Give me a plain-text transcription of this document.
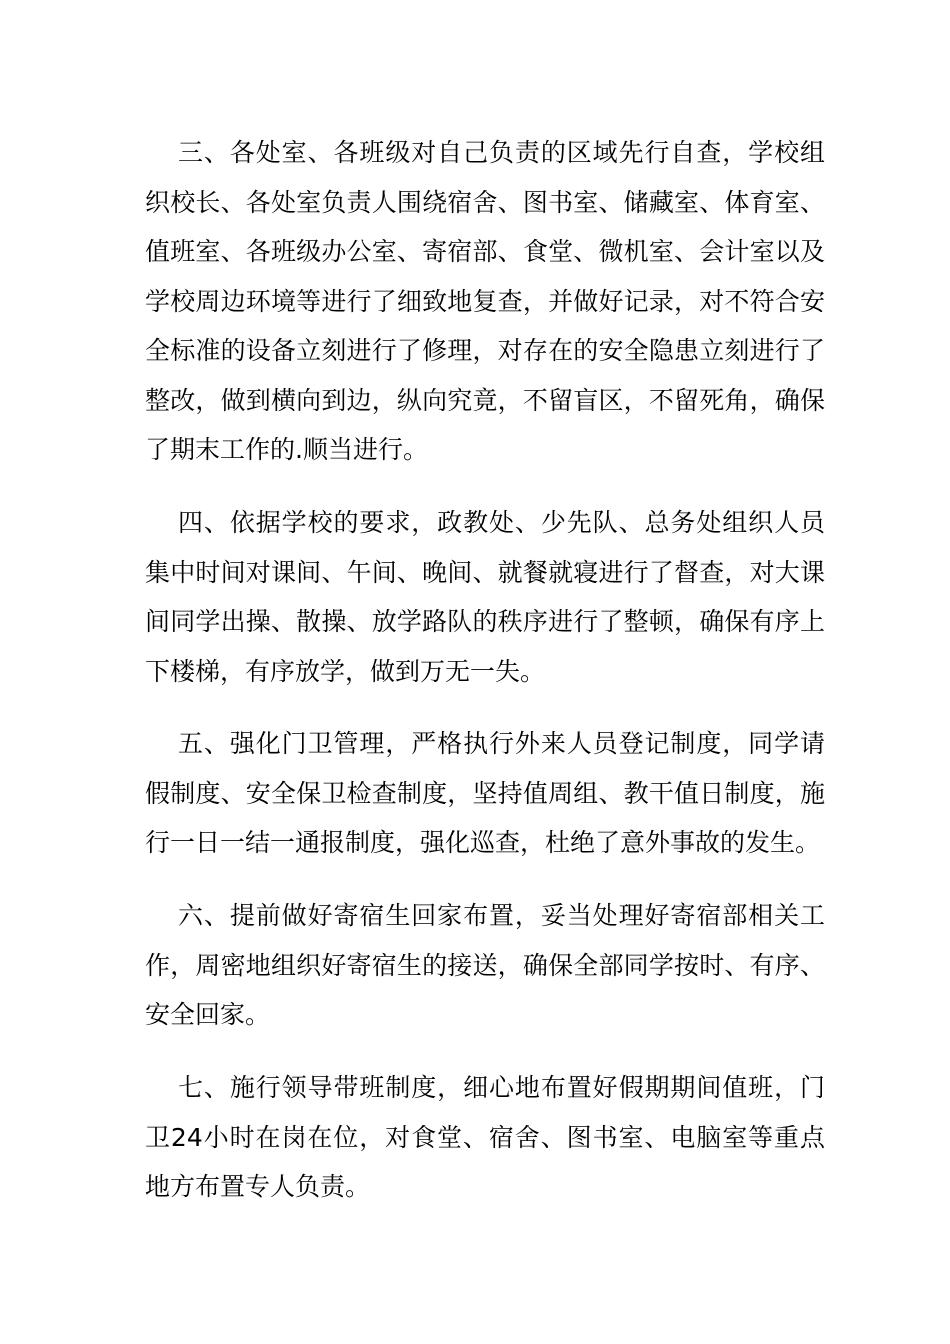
三、各处室、各班级对自己负责的区域先行自查，学校组织校长、各处室负责人围绕宿舍、图书室、储藏室、体育室、值班室、各班级办公室、寄宿部、食堂、微机室、会计室以及学校周边环境等进行了细致地复查，并做好记录，对不符合安全标准的设备立刻进行了修理，对存在的安全隐患立刻进行了整改，做到横向到边，纵向究竟，不留盲区，不留死角，确保了期末工作的.顺当进行。

四、依据学校的要求，政教处、少先队、总务处组织人员集中时间对课间、午间、晚间、就餐就寝进行了督查，对大课间同学出操、散操、放学路队的秩序进行了整顿，确保有序上下楼梯，有序放学，做到万无一失。

五、强化门卫管理，严格执行外来人员登记制度，同学请假制度、安全保卫检查制度，坚持值周组、教干值日制度，施行一日一结一通报制度，强化巡查，杜绝了意外事故的发生。

六、提前做好寄宿生回家布置，妥当处理好寄宿部相关工作，周密地组织好寄宿生的接送，确保全部同学按时、有序、安全回家。

七、施行领导带班制度，细心地布置好假期期间值班，门卫24小时在岗在位，对食堂、宿舍、图书室、电脑室等重点地方布置专人负责。
